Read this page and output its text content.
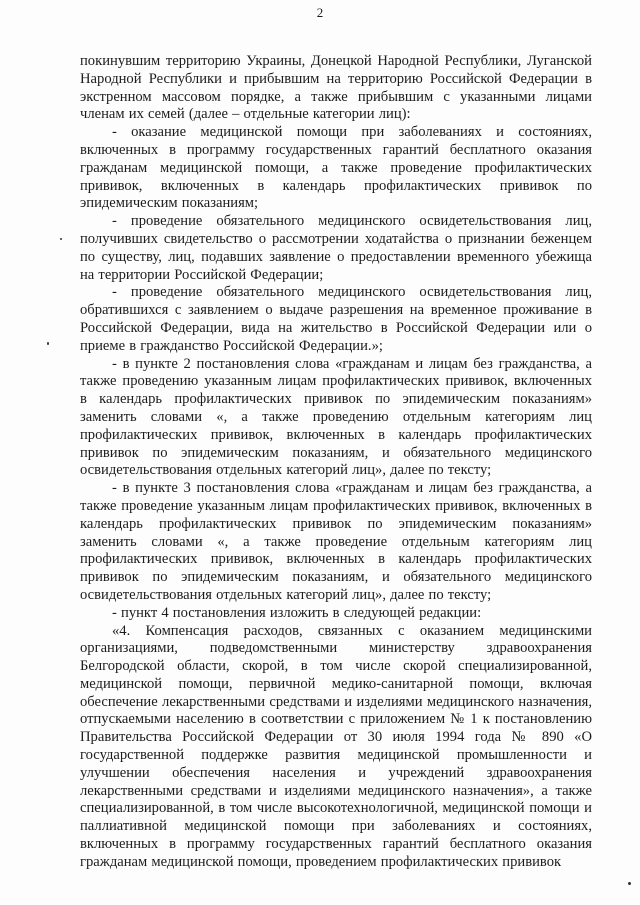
2

покинувшим территорию Украины, Донецкой Народной Республики, Луганской Народной Республики и прибывшим на территорию Российской Федерации в экстренном массовом порядке, а также прибывшим с указанными лицами членам их семей (далее – отдельные категории лиц):

- оказание медицинской помощи при заболеваниях и состояниях, включенных в программу государственных гарантий бесплатного оказания гражданам медицинской помощи, а также проведение профилактических прививок, включенных в календарь профилактических прививок по эпидемическим показаниям;

- проведение обязательного медицинского освидетельствования лиц, получивших свидетельство о рассмотрении ходатайства о признании беженцем по существу, лиц, подавших заявление о предоставлении временного убежища на территории Российской Федерации;

- проведение обязательного медицинского освидетельствования лиц, обратившихся с заявлением о выдаче разрешения на временное проживание в Российской Федерации, вида на жительство в Российской Федерации или о приеме в гражданство Российской Федерации.»;

- в пункте 2 постановления слова «гражданам и лицам без гражданства, а также проведению указанным лицам профилактических прививок, включенных в календарь профилактических прививок по эпидемическим показаниям» заменить словами «, а также проведению отдельным категориям лиц профилактических прививок, включенных в календарь профилактических прививок по эпидемическим показаниям, и обязательного медицинского освидетельствования отдельных категорий лиц», далее по тексту;

- в пункте 3 постановления слова «гражданам и лицам без гражданства, а также проведение указанным лицам профилактических прививок, включенных в календарь профилактических прививок по эпидемическим показаниям» заменить словами «, а также проведение отдельным категориям лиц профилактических прививок, включенных в календарь профилактических прививок по эпидемическим показаниям, и обязательного медицинского освидетельствования отдельных категорий лиц», далее по тексту;

- пункт 4 постановления изложить в следующей редакции:

«4. Компенсация расходов, связанных с оказанием медицинскими организациями, подведомственными министерству здравоохранения Белгородской области, скорой, в том числе скорой специализированной, медицинской помощи, первичной медико-санитарной помощи, включая обеспечение лекарственными средствами и изделиями медицинского назначения, отпускаемыми населению в соответствии с приложением № 1 к постановлению Правительства Российской Федерации от 30 июля 1994 года № 890 «О государственной поддержке развития медицинской промышленности и улучшении обеспечения населения и учреждений здравоохранения лекарственными средствами и изделиями медицинского назначения», а также специализированной, в том числе высокотехнологичной, медицинской помощи и паллиативной медицинской помощи при заболеваниях и состояниях, включенных в программу государственных гарантий бесплатного оказания гражданам медицинской помощи, проведением профилактических прививок
